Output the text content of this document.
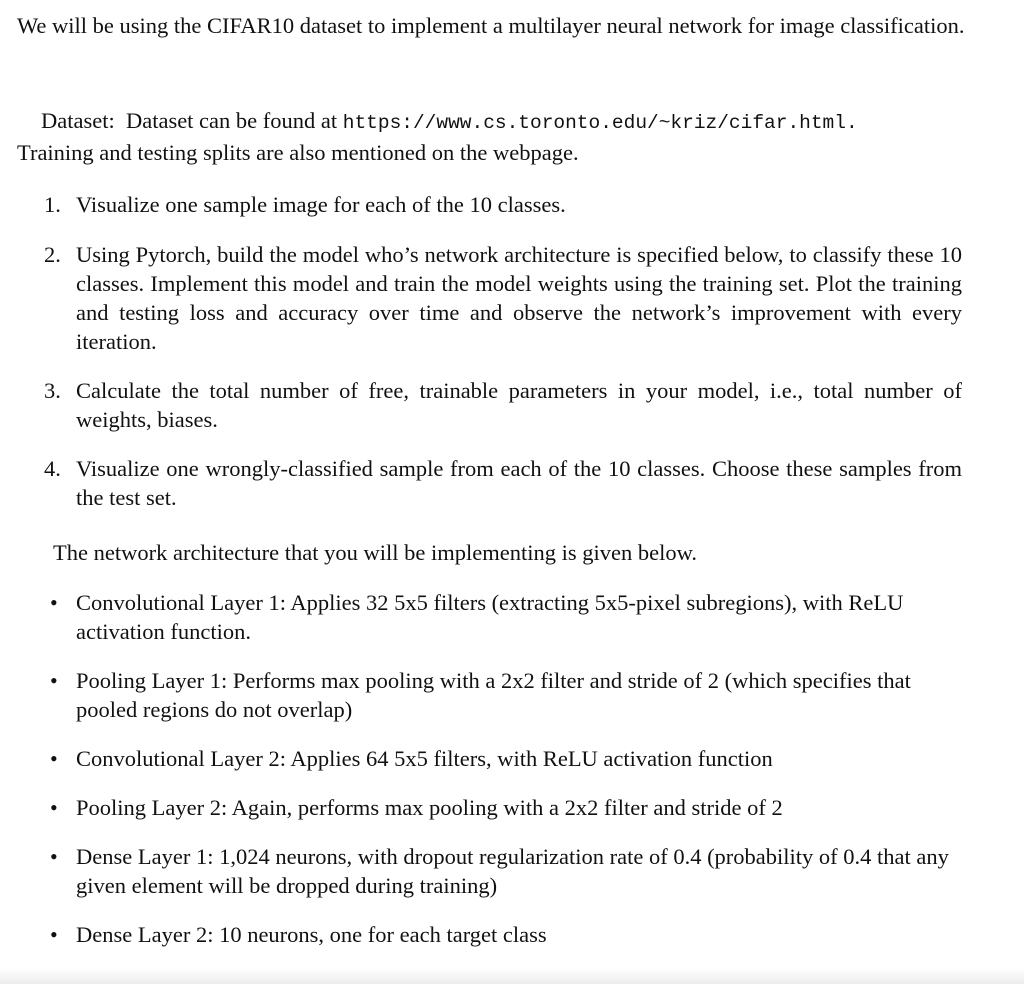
We will be using the CIFAR10 dataset to implement a multilayer neural network for image classification.

Dataset: Dataset can be found at https://www.cs.toronto.edu/~kriz/cifar.html.
Training and testing splits are also mentioned on the webpage.
1. Visualize one sample image for each of the 10 classes.
2. Using Pytorch, build the model who’s network architecture is specified below, to classify these 10 classes. Implement this model and train the model weights using the training set. Plot the training and testing loss and accuracy over time and observe the network’s improvement with every iteration.
3. Calculate the total number of free, trainable parameters in your model, i.e., total number of weights, biases.
4. Visualize one wrongly-classified sample from each of the 10 classes. Choose these samples from the test set.

The network architecture that you will be implementing is given below.

• Convolutional Layer 1: Applies 32 5x5 filters (extracting 5x5-pixel subregions), with ReLU activation function.
• Pooling Layer 1: Performs max pooling with a 2x2 filter and stride of 2 (which specifies that pooled regions do not overlap)
• Convolutional Layer 2: Applies 64 5x5 filters, with ReLU activation function
• Pooling Layer 2: Again, performs max pooling with a 2x2 filter and stride of 2
• Dense Layer 1: 1,024 neurons, with dropout regularization rate of 0.4 (probability of 0.4 that any given element will be dropped during training)
• Dense Layer 2: 10 neurons, one for each target class
